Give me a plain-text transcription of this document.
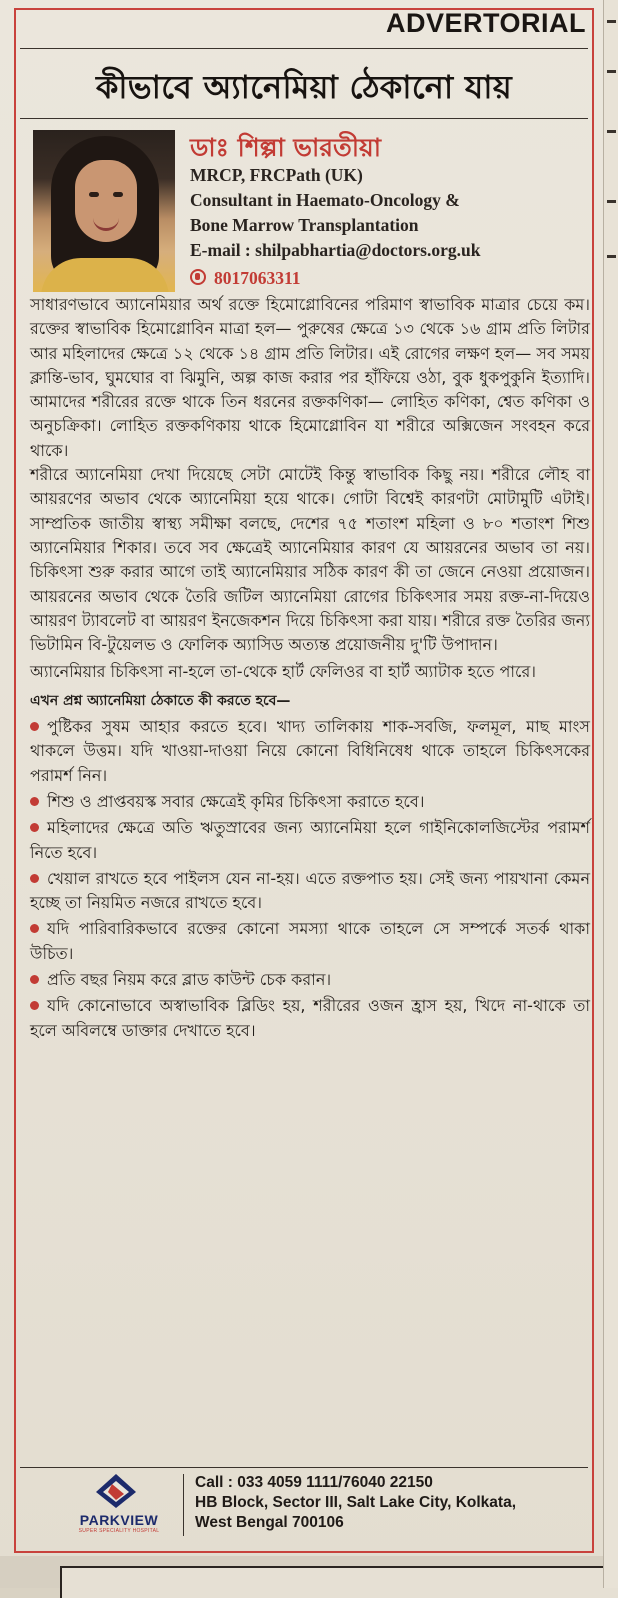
ADVERTORIAL
কীভাবে অ্যানেমিয়া ঠেকানো যায়
ডাঃ শিল্পা ভারতীয়া
MRCP, FRCPath (UK)
Consultant in Haemato-Oncology &
Bone Marrow Transplantation
E-mail : shilpabhartia@doctors.org.uk
8017063311

সাধারণভাবে অ্যানেমিয়ার অর্থ রক্তে হিমোগ্লোবিনের পরিমাণ স্বাভাবিক মাত্রার চেয়ে কম। রক্তের স্বাভাবিক হিমোগ্লোবিন মাত্রা হল— পুরুষের ক্ষেত্রে ১৩ থেকে ১৬ গ্রাম প্রতি লিটার আর মহিলাদের ক্ষেত্রে ১২ থেকে ১৪ গ্রাম প্রতি লিটার। এই রোগের লক্ষণ হল— সব সময় ক্লান্তি-ভাব, ঘুমঘোর বা ঝিমুনি, অল্প কাজ করার পর হাঁফিয়ে ওঠা, বুক ধুকপুকুনি ইত্যাদি। আমাদের শরীরের রক্তে থাকে তিন ধরনের রক্তকণিকা— লোহিত কণিকা, শ্বেত কণিকা ও অনুচক্রিকা। লোহিত রক্তকণিকায় থাকে হিমোগ্লোবিন যা শরীরে অক্সিজেন সংবহন করে থাকে।

শরীরে অ্যানেমিয়া দেখা দিয়েছে সেটা মোটেই কিন্তু স্বাভাবিক কিছু নয়। শরীরে লৌহ বা আয়রণের অভাব থেকে অ্যানেমিয়া হয়ে থাকে। গোটা বিশ্বেই কারণটা মোটামুটি এটাই। সাম্প্রতিক জাতীয় স্বাস্থ্য সমীক্ষা বলছে, দেশের ৭৫ শতাংশ মহিলা ও ৮০ শতাংশ শিশু অ্যানেমিয়ার শিকার। তবে সব ক্ষেত্রেই অ্যানেমিয়ার কারণ যে আয়রনের অভাব তা নয়। চিকিৎসা শুরু করার আগে তাই অ্যানেমিয়ার সঠিক কারণ কী তা জেনে নেওয়া প্রয়োজন। আয়রনের অভাব থেকে তৈরি জটিল অ্যানেমিয়া রোগের চিকিৎসার সময় রক্ত-না-দিয়েও আয়রণ ট্যাবলেট বা আয়রণ ইনজেকশন দিয়ে চিকিৎসা করা যায়। শরীরে রক্ত তৈরির জন্য ভিটামিন বি-টুয়েলভ ও ফোলিক অ্যাসিড অত্যন্ত প্রয়োজনীয় দু'টি উপাদান।

অ্যানেমিয়ার চিকিৎসা না-হলে তা-থেকে হার্ট ফেলিওর বা হার্ট অ্যাটাক হতে পারে।

এখন প্রশ্ন অ্যানেমিয়া ঠেকাতে কী করতে হবে—

পুষ্টিকর সুষম আহার করতে হবে। খাদ্য তালিকায় শাক-সবজি, ফলমূল, মাছ মাংস থাকলে উত্তম। যদি খাওয়া-দাওয়া নিয়ে কোনো বিধিনিষেধ থাকে তাহলে চিকিৎসকের পরামর্শ নিন।

শিশু ও প্রাপ্তবয়স্ক সবার ক্ষেত্রেই কৃমির চিকিৎসা করাতে হবে।

মহিলাদের ক্ষেত্রে অতি ঋতুস্রাবের জন্য অ্যানেমিয়া হলে গাইনিকোলজিস্টের পরামর্শ নিতে হবে।

খেয়াল রাখতে হবে পাইলস যেন না-হয়। এতে রক্তপাত হয়। সেই জন্য পায়খানা কেমন হচ্ছে তা নিয়মিত নজরে রাখতে হবে।

যদি পারিবারিকভাবে রক্তের কোনো সমস্যা থাকে তাহলে সে সম্পর্কে সতর্ক থাকা উচিত।

প্রতি বছর নিয়ম করে ব্লাড কাউন্ট চেক করান।

যদি কোনোভাবে অস্বাভাবিক ব্লিডিং হয়, শরীরের ওজন হ্রাস হয়, খিদে না-থাকে তা হলে অবিলম্বে ডাক্তার দেখাতে হবে।

PARKVIEW
SUPER SPECIALITY HOSPITAL
Call : 033 4059 1111/76040 22150
HB Block, Sector III, Salt Lake City, Kolkata,
West Bengal 700106
